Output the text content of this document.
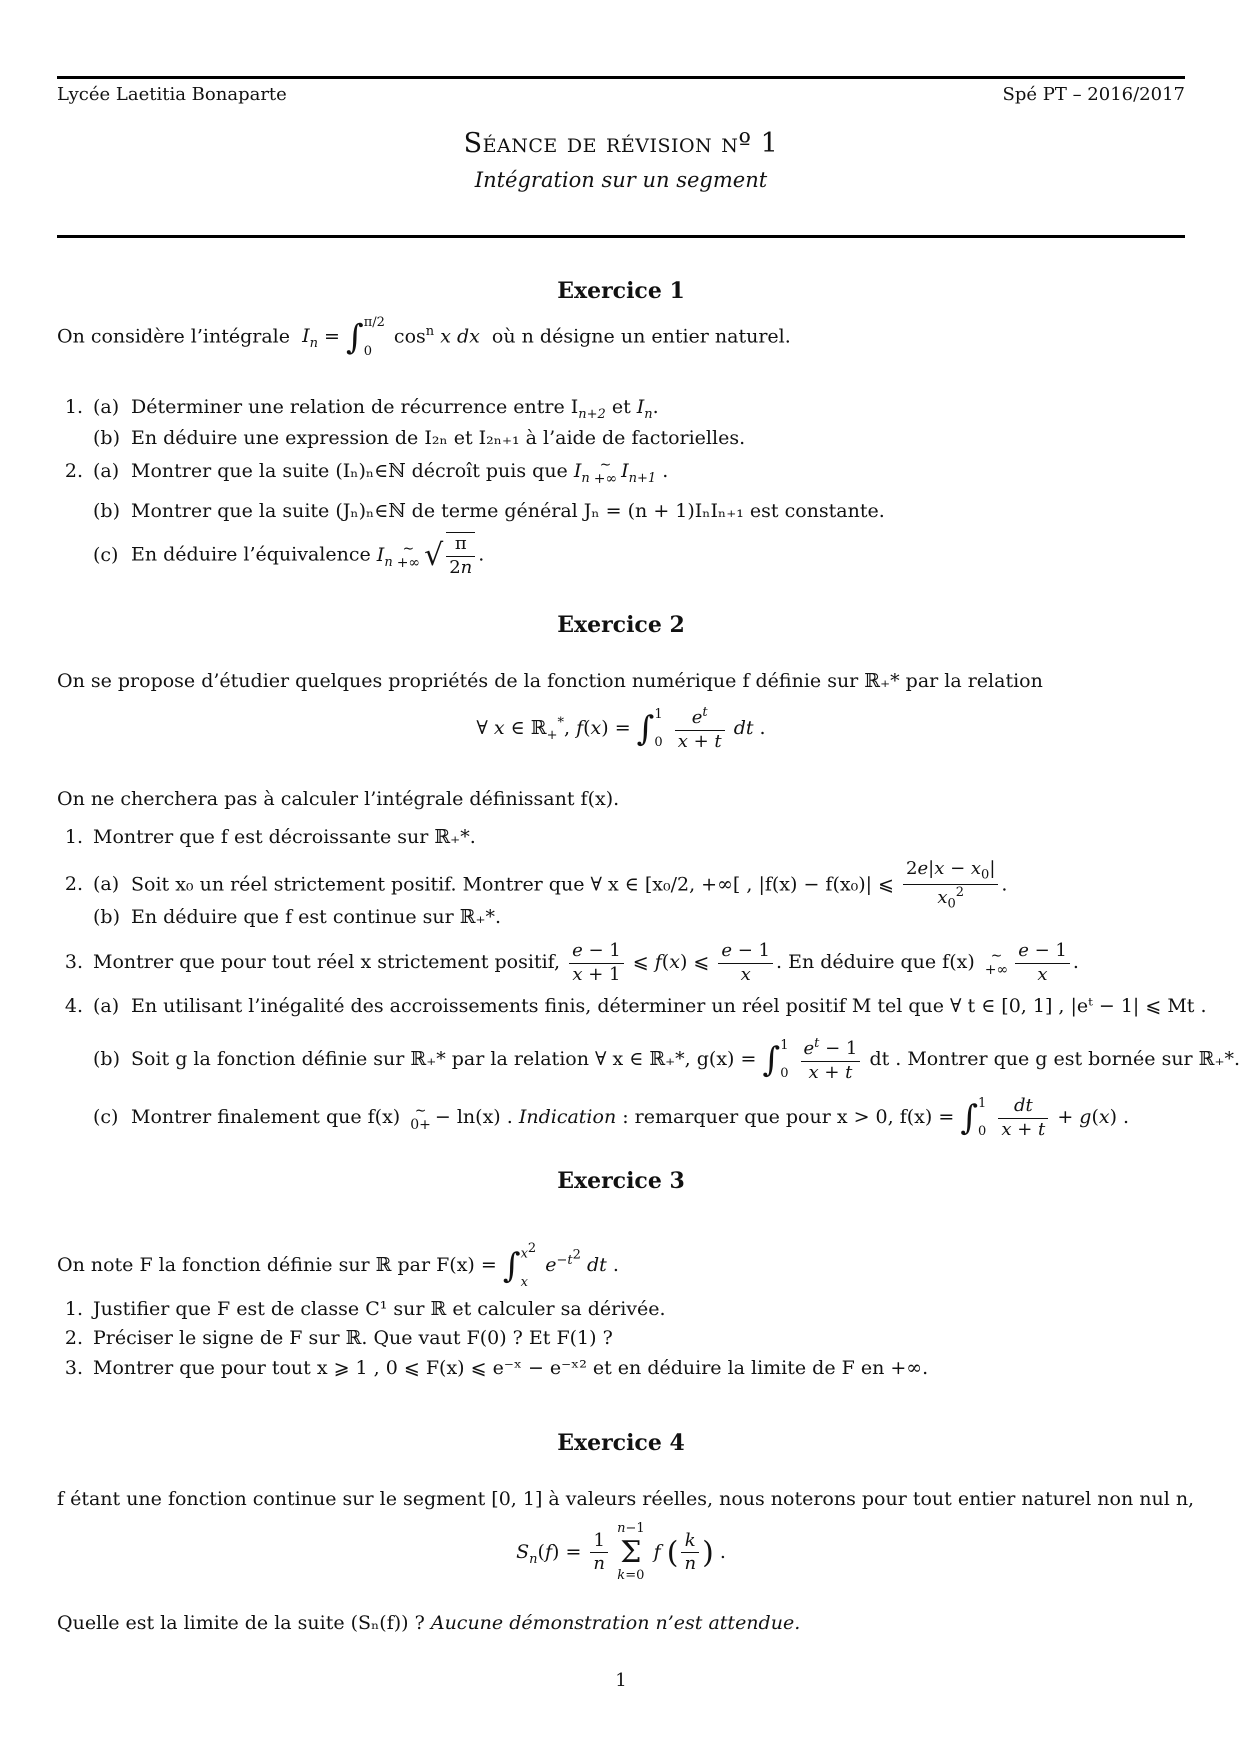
Lycée Laetitia Bonaparte	Spé PT – 2016/2017
Séance de révision nº 1
Intégration sur un segment
Exercice 1
On considère l’intégrale $I_n$ = ∫ π/2

0
$\cos^n x$ dx où n désigne un entier naturel.
1. (a) Déterminer une relation de récurrence entre $I_{n+2}$ et $I_n$.
(b) En déduire une expression de I₂ₙ et I₂ₙ₊₁ à l’aide de factorielles.
2. (a) Montrer que la suite (Iₙ)ₙ∈ℕ décroît puis que $I_n$
∼
+∞ $I_{n+1}$ .
(b) Montrer que la suite (Jₙ)ₙ∈ℕ de terme général Jₙ = (n + 1)IₙIₙ₊₁ est constante.
(c) En déduire l’équivalence $I_n$
∼
+∞ √ $\frac{\pi}{2n}$ .
Exercice 2
On se propose d’étudier quelques propriétés de la fonction numérique f définie sur ℝ₊* par la relation
∀ x ∈ ℝ$_+$*, f(x) = ∫ 1

0
$\frac{e^t}{x + t}$ dt .
On ne cherchera pas à calculer l’intégrale définissant f(x).
1. Montrer que f est décroissante sur ℝ₊*.
2. (a) Soit x₀ un réel strictement positif. Montrer que ∀ x ∈ [x₀/2, +∞[ , |f(x) − f(x₀)| ⩽ $\frac{2e|x - x_0|}{x_0^2}$ .
(b) En déduire que f est continue sur ℝ₊*.
3. Montrer que pour tout réel x strictement positif, $\frac{e - 1}{x + 1}$ ⩽ f(x) ⩽ $\frac{e - 1}{x}$ . En déduire que f(x)	∼
+∞ $\frac{e - 1}{x}$ .
4. (a) En utilisant l’inégalité des accroissements finis, déterminer un réel positif M tel que ∀ t ∈ [0, 1] , |eᵗ − 1| ⩽ Mt .
(b) Soit g la fonction définie sur ℝ₊* par la relation ∀ x ∈ ℝ₊*, g(x) = ∫ 1

0
$\frac{e^t - 1}{x + t}$ dt . Montrer que g est bornée sur ℝ₊*.
(c) Montrer finalement que f(x)	∼
0+ − ln(x) . Indication : remarquer que pour x > 0, f(x) = ∫ 1

0
$\frac{dt}{x + t} + g(x)$ .
Exercice 3
On note F la fonction définie sur ℝ par F(x) = ∫ $x^2$

x
$e^{-t^2}$ dt .
1. Justifier que F est de classe C¹ sur ℝ et calculer sa dérivée.
2. Préciser le signe de F sur ℝ. Que vaut F(0) ? Et F(1) ?
3. Montrer que pour tout x ⩾ 1 , 0 ⩽ F(x) ⩽ e⁻ˣ − e⁻ˣ² et en déduire la limite de F en +∞.
Exercice 4
f étant une fonction continue sur le segment [0, 1] à valeurs réelles, nous noterons pour tout entier naturel non nul n,
$S_n(f) = \frac{1}{n}$

n−1
Σ
k=0
f ( $\frac{k}{n}$ ) .
Quelle est la limite de la suite (Sₙ(f)) ? Aucune démonstration n’est attendue.
1
